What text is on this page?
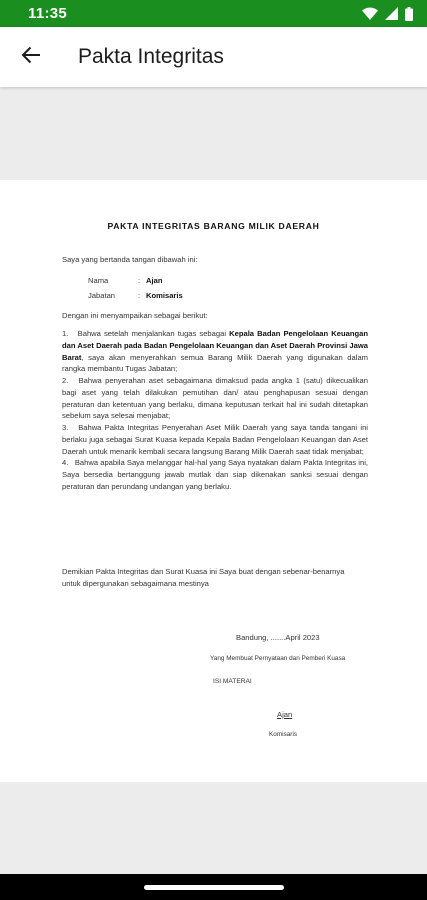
11:35
Pakta Integritas
PAKTA INTEGRITAS BARANG MILIK DAERAH
Saya yang bertanda tangan dibawah ini:
Nama	: Ajan
Jabatan	: Komisaris
Dengan ini menyampaikan sebagai berikut:

1. Bahwa setelah menjalankan tugas sebagai Kepala Badan Pengelolaan Keuangan dan Aset Daerah pada Badan Pengelolaan Keuangan dan Aset Daerah Provinsi Jawa Barat, saya akan menyerahkan semua Barang Milik Daerah yang digunakan dalam rangka membantu Tugas Jabatan;

2. Bahwa penyerahan aset sebagaimana dimaksud pada angka 1 (satu) dikecualikan bagi aset yang telah dilakukan pemutihan dan/ atau penghapusan sesuai dengan peraturan dan ketentuan yang berlaku, dimana keputusan terkait hal ini sudah ditetapkan sebelum saya selesai menjabat;

3. Bahwa Pakta Integritas Penyerahan Aset Milik Daerah yang saya tanda tangani ini berlaku juga sebagai Surat Kuasa kepada Kepala Badan Pengelolaan Keuangan dan Aset Daerah untuk menarik kembali secara langsung Barang Milik Daerah saat tidak menjabat;

4. Bahwa apabila Saya melanggar hal-hal yang Saya nyatakan dalam Pakta Integritas ini, Saya bersedia bertanggung jawab mutlak dan siap dikenakan sanksi sesuai dengan peraturan dan perundang undangan yang berlaku.

Demikian Pakta Integritas dan Surat Kuasa ini Saya buat dengan sebenar-benarnya untuk dipergunakan sebagaimana mestinya
Bandung, .......April 2023
Yang Membuat Pernyataan dan Pemberi Kuasa
ISI MATERAI
Ajan
Komisaris
